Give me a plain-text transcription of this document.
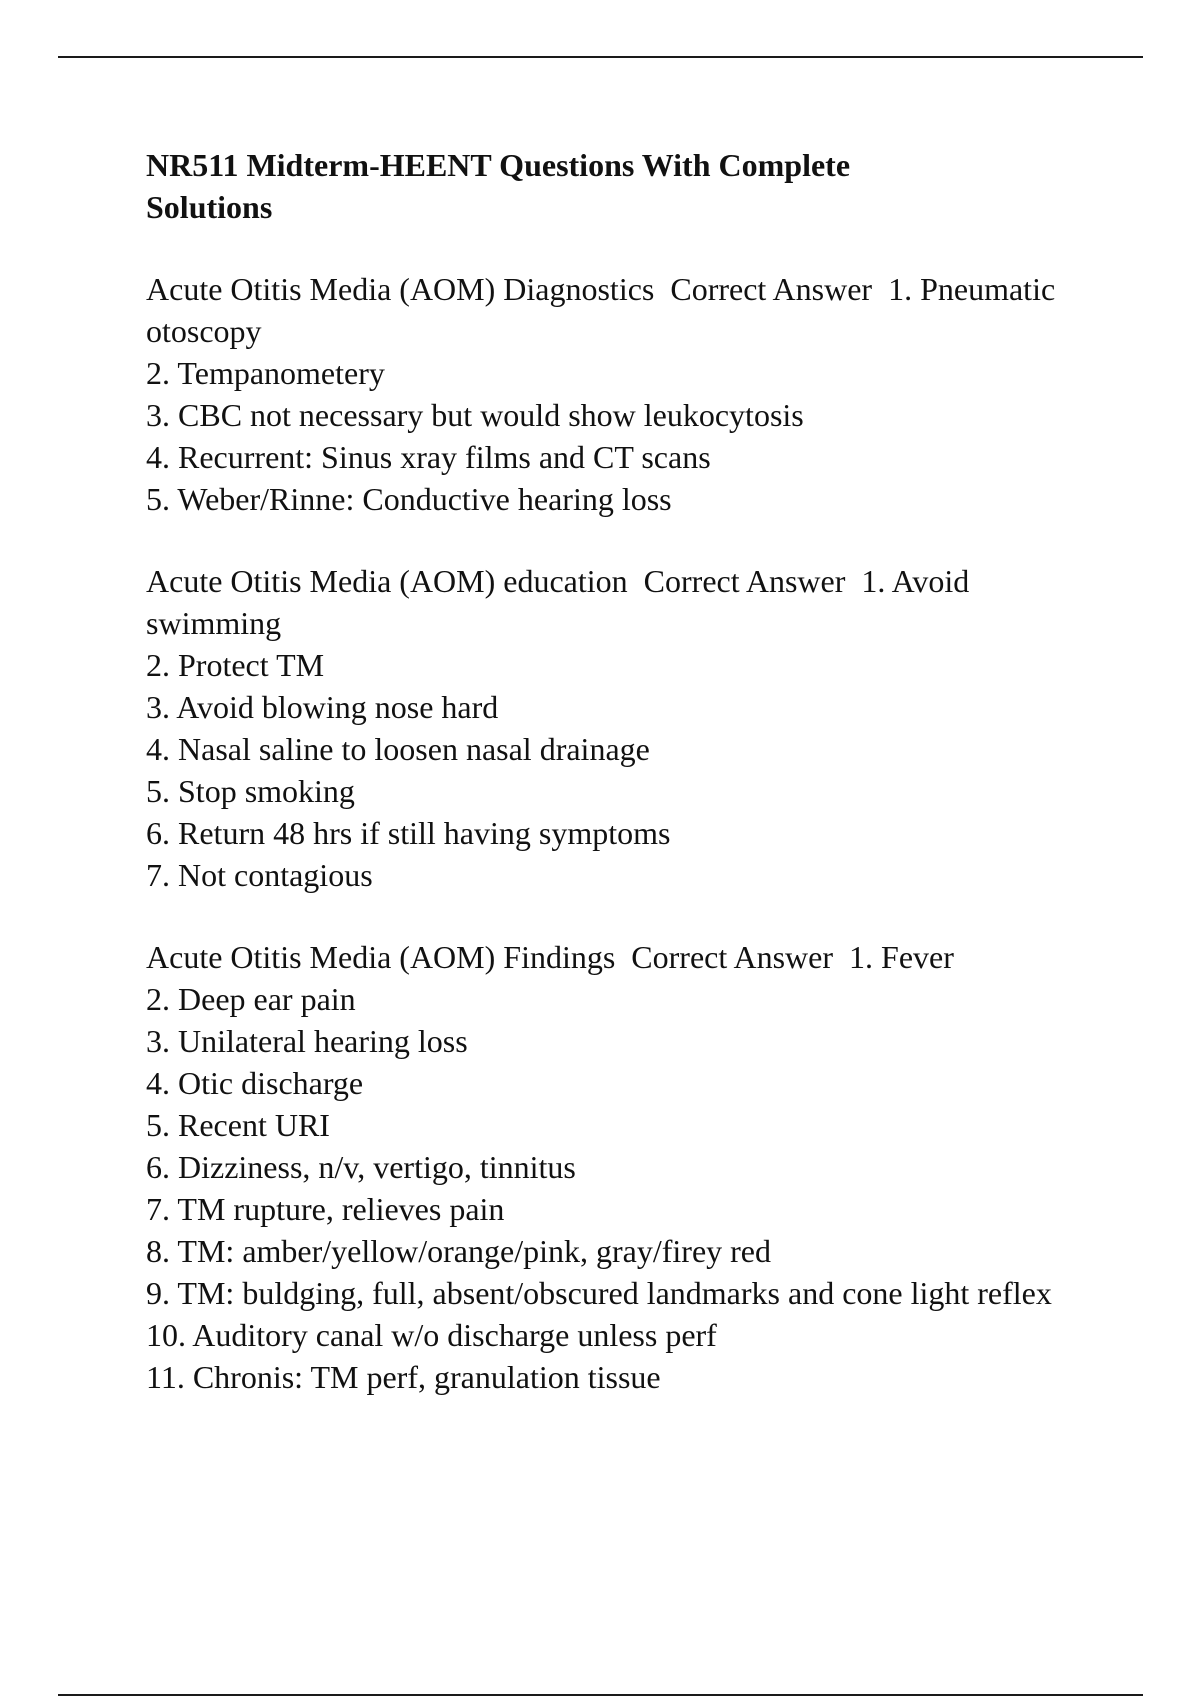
NR511 Midterm-HEENT Questions With Complete Solutions
Acute Otitis Media (AOM) Diagnostics  Correct Answer  1. Pneumatic otoscopy
2. Tempanometery
3. CBC not necessary but would show leukocytosis
4. Recurrent: Sinus xray films and CT scans
5. Weber/Rinne: Conductive hearing loss
Acute Otitis Media (AOM) education  Correct Answer  1. Avoid swimming
2. Protect TM
3. Avoid blowing nose hard
4. Nasal saline to loosen nasal drainage
5. Stop smoking
6. Return 48 hrs if still having symptoms
7. Not contagious
Acute Otitis Media (AOM) Findings  Correct Answer  1. Fever
2. Deep ear pain
3. Unilateral hearing loss
4. Otic discharge
5. Recent URI
6. Dizziness, n/v, vertigo, tinnitus
7. TM rupture, relieves pain
8. TM: amber/yellow/orange/pink, gray/firey red
9. TM: buldging, full, absent/obscured landmarks and cone light reflex
10. Auditory canal w/o discharge unless perf
11. Chronis: TM perf, granulation tissue
